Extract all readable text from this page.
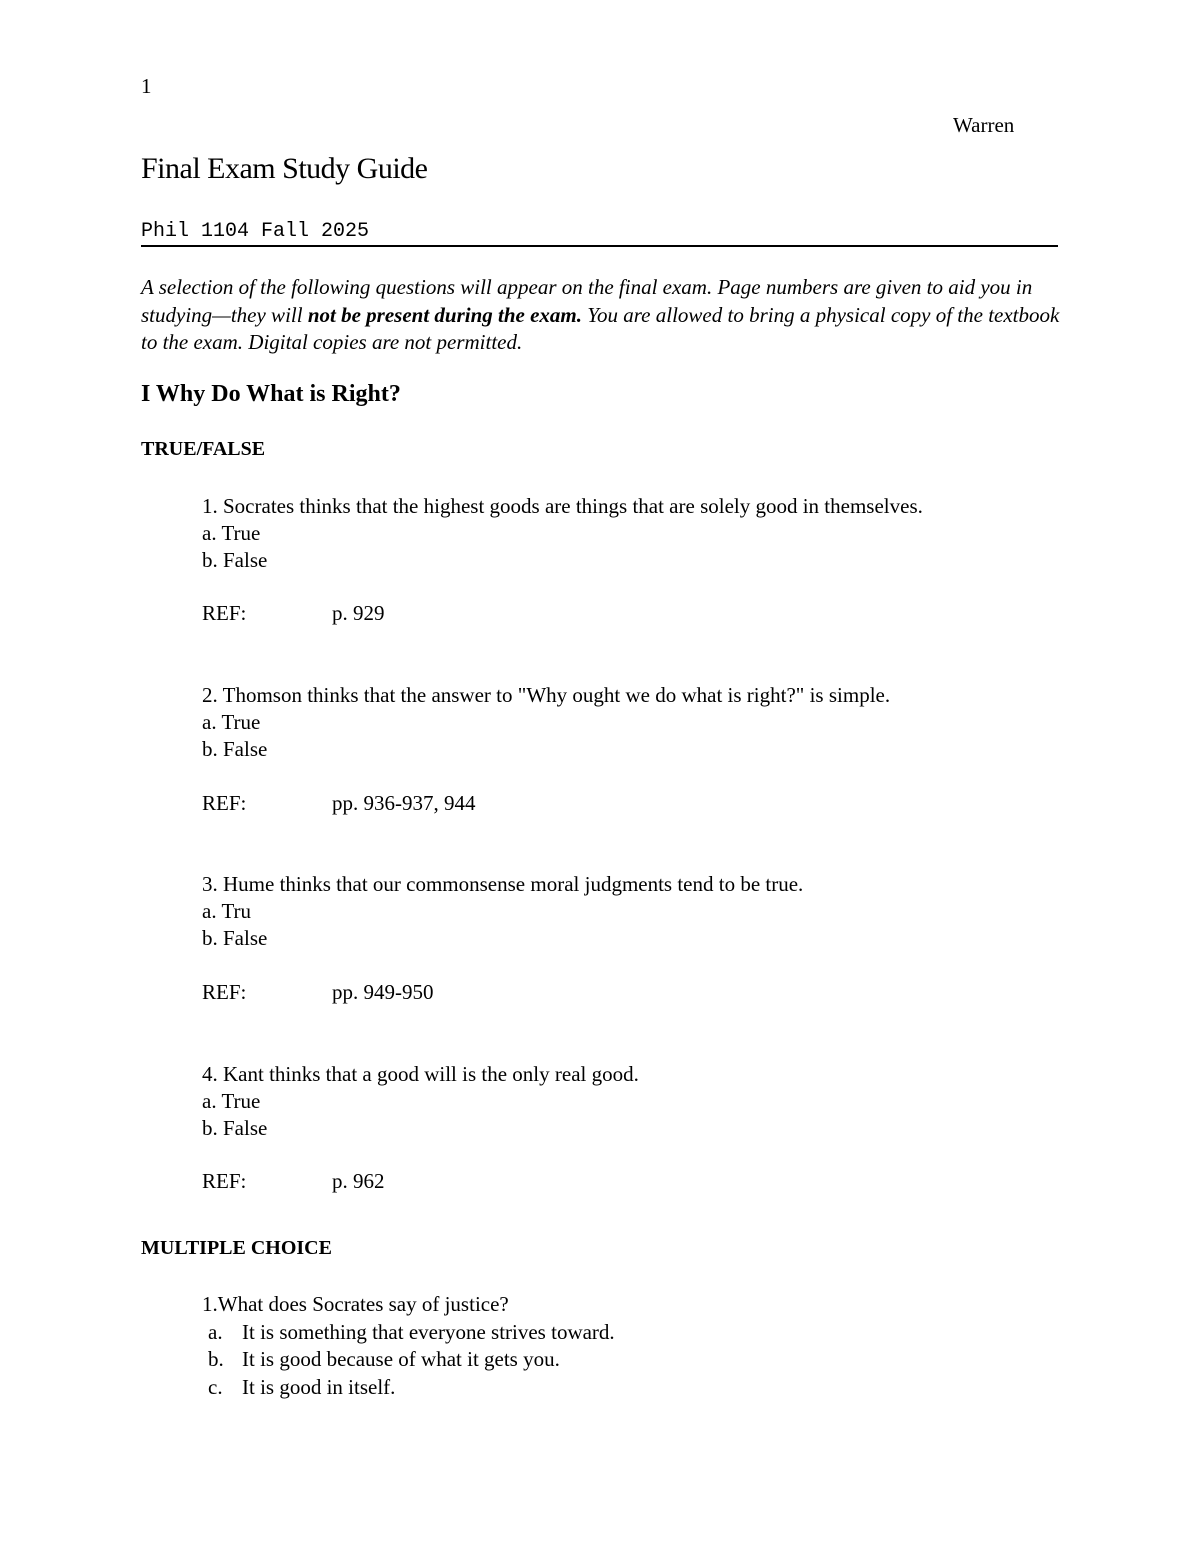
1
Warren
Final Exam Study Guide
Phil 1104 Fall 2025
A selection of the following questions will appear on the final exam. Page numbers are given to aid you in studying—they will not be present during the exam. You are allowed to bring a physical copy of the textbook to the exam. Digital copies are not permitted.
I Why Do What is Right?
TRUE/FALSE
1. Socrates thinks that the highest goods are things that are solely good in themselves.
a. True
b. False
REF:	p. 929
2. Thomson thinks that the answer to "Why ought we do what is right?" is simple.
a. True
b. False
REF:	pp. 936-937, 944
3. Hume thinks that our commonsense moral judgments tend to be true.
a. Tru
b. False
REF:	pp. 949-950
4. Kant thinks that a good will is the only real good.
a. True
b. False
REF:	p. 962
MULTIPLE CHOICE
1.What does Socrates say of justice?
a. It is something that everyone strives toward.
b. It is good because of what it gets you.
c. It is good in itself.
